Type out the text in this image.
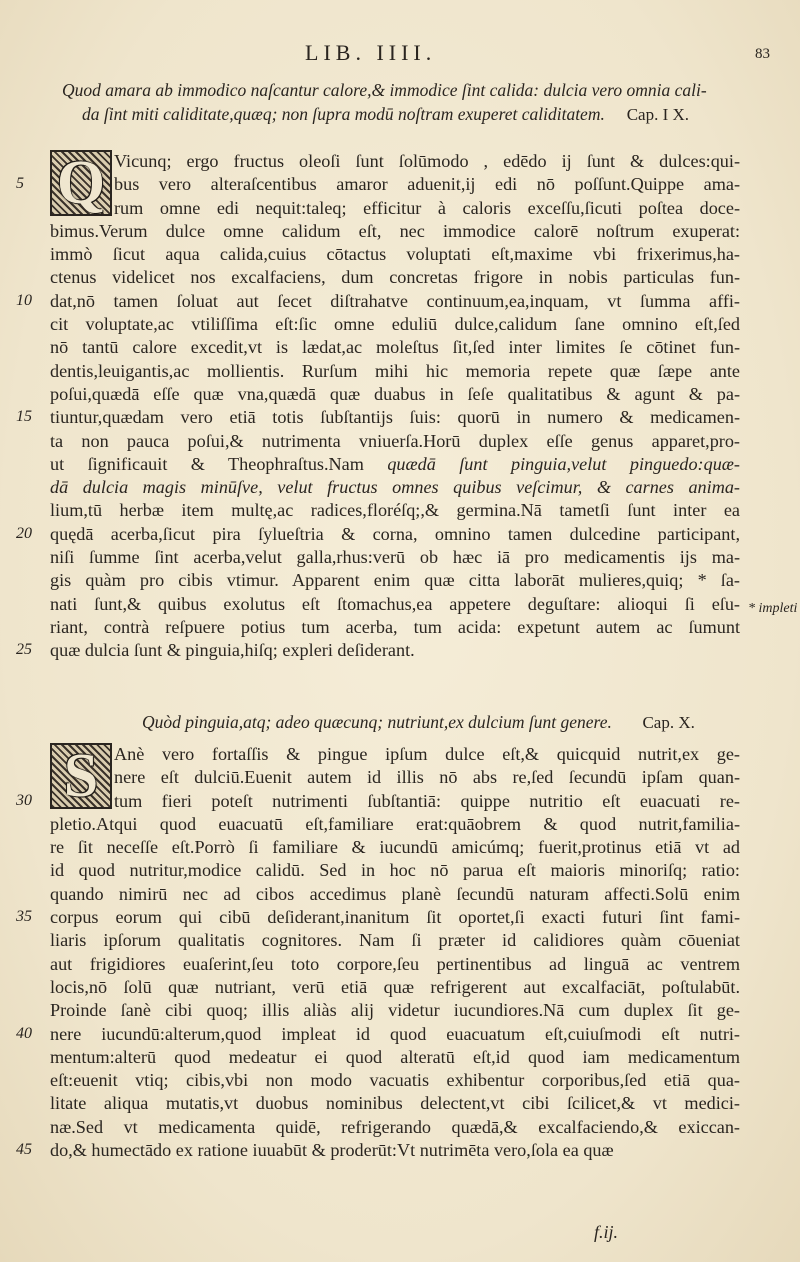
LIB. IIII.	83
Quod amara ab immodico naſcantur calore,& immodice ſint calida: dulcia vero omnia cali-
da ſint miti caliditate,quæq; non ſupra modū noſtram exuperet caliditatem. Cap. I X.
Q Vicunq; ergo fructus oleoſi ſunt ſolūmodo , edēdo ij ſunt & dulces:qui-
bus vero alteraſcentibus amaror aduenit,ij edi nō poſſunt.Quippe ama-
rum omne edi nequit:taleq; efficitur à caloris exceſſu,ſicuti poſtea doce-
bimus.Verum dulce omne calidum eſt, nec immodice calorē noſtrum exuperat:
immò ſicut aqua calida,cuius cōtactus voluptati eſt,maxime vbi frixerimus,ha-
ctenus videlicet nos excalfaciens, dum concretas frigore in nobis particulas fun-
dat,nō tamen ſoluat aut ſecet diſtrahatve continuum,ea,inquam, vt ſumma affi-
cit voluptate,ac vtiliſſima eſt:ſic omne eduliū dulce,calidum ſane omnino eſt,ſed
nō tantū calore excedit,vt is lædat,ac moleſtus ſit,ſed inter limites ſe cōtinet fun-
dentis,leuigantis,ac mollientis. Rurſum mihi hic memoria repete quæ ſæpe ante
poſui,quædā eſſe quæ vna,quædā quæ duabus in ſeſe qualitatibus & agunt & pa-
tiuntur,quædam vero etiā totis ſubſtantijs ſuis: quorū in numero & medicamen-
ta non pauca poſui,& nutrimenta vniuerſa.Horū duplex eſſe genus apparet,pro-
ut ſignificauit & Theophraſtus.Nam quædā ſunt pinguia,velut pinguedo:quæ-
dā dulcia magis minūſve, velut fructus omnes quibus veſcimur, & carnes anima-
lium,tū herbæ item multę,ac radices,floréſq;,& germina.Nā tametſi ſunt inter ea
quędā acerba,ſicut pira ſylueſtria & corna, omnino tamen dulcedine participant,
niſi ſumme ſint acerba,velut galla,rhus:verū ob hæc iā pro medicamentis ijs ma-
gis quàm pro cibis vtimur. Apparent enim quæ citta laborāt mulieres,quiq; * ſa-
nati ſunt,& quibus exolutus eſt ſtomachus,ea appetere deguſtare: alioqui ſi eſu-
riant, contrà reſpuere potius tum acerba, tum acida: expetunt autem ac ſumunt
quæ dulcia ſunt & pinguia,hiſq; expleri deſiderant.
5
10
15
20
25
* impleti
Quòd pinguia,atq; adeo quæcunq; nutriunt,ex dulcium ſunt genere. Cap. X.
S Anè vero fortaſſis & pingue ipſum dulce eſt,& quicquid nutrit,ex ge-
nere eſt dulciū.Euenit autem id illis nō abs re,ſed ſecundū ipſam quan-
tum fieri poteſt nutrimenti ſubſtantiā: quippe nutritio eſt euacuati re-
pletio.Atqui quod euacuatū eſt,familiare erat:quāobrem & quod nutrit,familia-
re ſit neceſſe eſt.Porrò ſi familiare & iucundū amicúmq; fuerit,protinus etiā vt ad
id quod nutritur,modice calidū. Sed in hoc nō parua eſt maioris minoriſq; ratio:
quando nimirū nec ad cibos accedimus planè ſecundū naturam affecti.Solū enim
corpus eorum qui cibū deſiderant,inanitum ſit oportet,ſi exacti futuri ſint fami-
liaris ipſorum qualitatis cognitores. Nam ſi præter id calidiores quàm cōueniat
aut frigidiores euaſerint,ſeu toto corpore,ſeu pertinentibus ad linguā ac ventrem
locis,nō ſolū quæ nutriant, verū etiā quæ refrigerent aut excalfaciāt, poſtulabūt.
Proinde ſanè cibi quoq; illis aliàs alij videtur iucundiores.Nā cum duplex ſit ge-
nere iucundū:alterum,quod impleat id quod euacuatum eſt,cuiuſmodi eſt nutri-
mentum:alterū quod medeatur ei quod alteratū eſt,id quod iam medicamentum
eſt:euenit vtiq; cibis,vbi non modo vacuatis exhibentur corporibus,ſed etiā qua-
litate aliqua mutatis,vt duobus nominibus delectent,vt cibi ſcilicet,& vt medici-
næ.Sed vt medicamenta quidē, refrigerando quædā,& excalfaciendo,& exiccan-
do,& humectādo ex ratione iuuabūt & proderūt:Vt nutrimēta vero,ſola ea quæ
30
35
40
45
f.ij.
